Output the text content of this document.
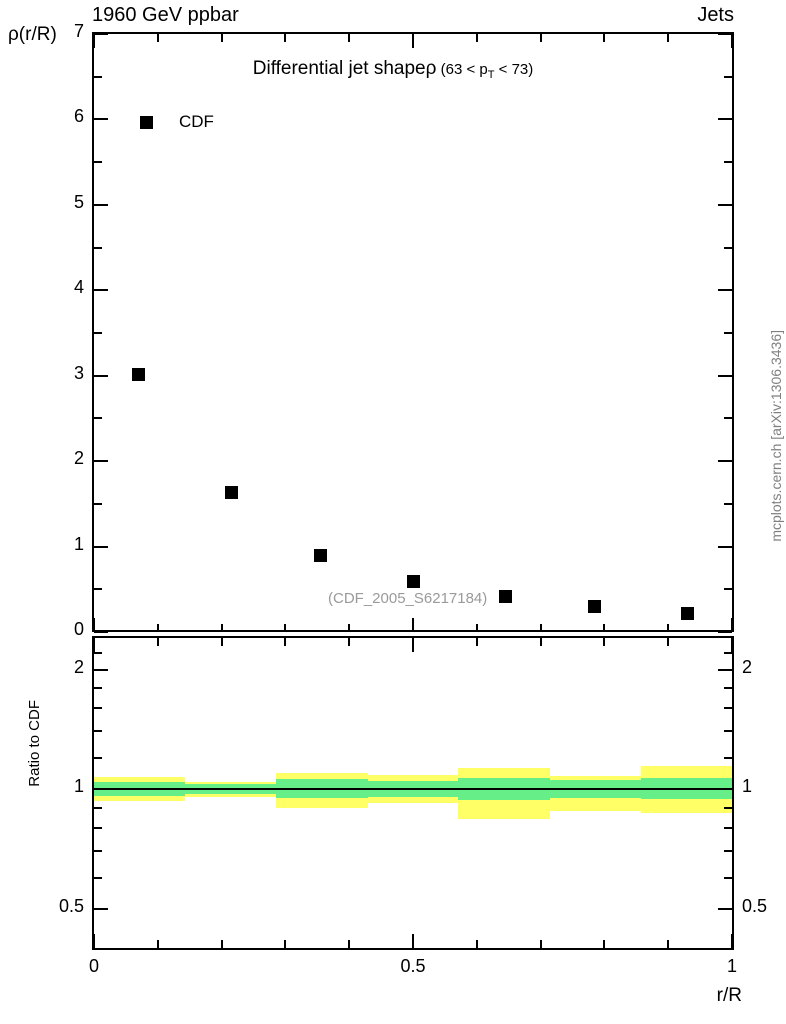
1960 GeV ppbar	Jets
ρ(r/R)
mcplots.cern.ch [arXiv:1306.3436]
Differential jet shapeρ $(63 < p_T < 73)$
CDF
(CDF_2005_S6217184)
Ratio to CDF
r/R
0
1
2
3
4
5
6
7
0.5	0.5
1	1
2	2
0	0.5	1
